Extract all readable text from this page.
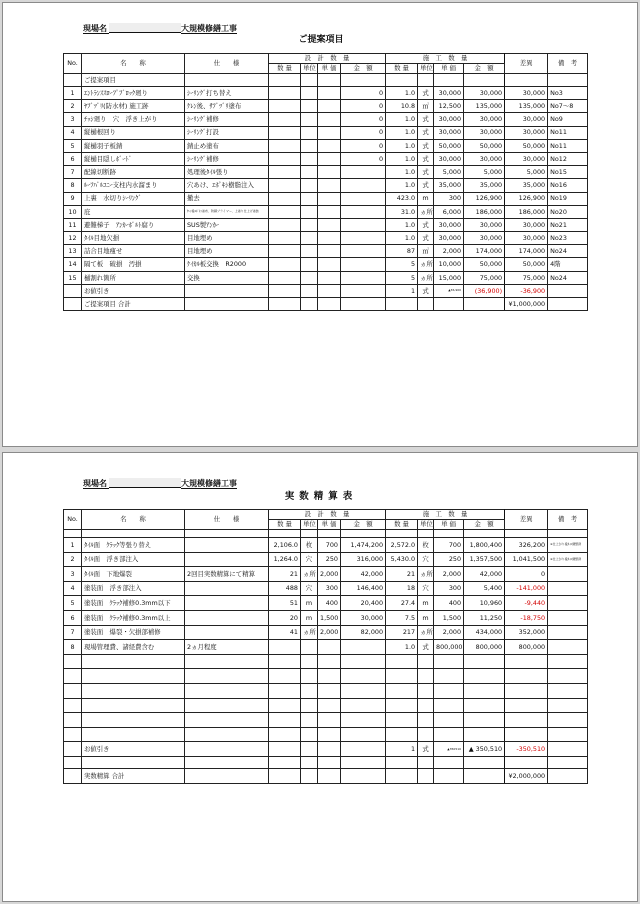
現場名	大規模修繕工事
ご提案項目
No.	名　　称	仕　　様	設　計　数　量				施　工　数　量				差異	備　考
			数 量	単位	単 価	金　額	数 量	単位	単 価	金　額		
	ご提案項目											
1	ｴﾝﾄﾗﾝｽｽﾛｰﾌﾟﾌﾞﾛｯｸ廻り	ｼｰﾘﾝｸﾞ打ち替え				0	1.0	式	30,000	30,000	30,000	No3
2	ﾔﾌﾞﾂﾞﾘ(防水材) 施工跡	ｹﾚﾝ後、ｻﾌﾞﾂﾞﾘ塗布				0	10.8	㎡	12,500	135,000	135,000	No7～8
3	ﾁｯｼ廻り　穴　浮き上がり	ｼｰﾘﾝｸﾞ補修				0	1.0	式	30,000	30,000	30,000	No9
4	縦樋根回り	ｼｰﾘﾝｸﾞ打設				0	1.0	式	30,000	30,000	30,000	No11
5	縦樋羽子板錆	錆止め塗布				0	1.0	式	50,000	50,000	50,000	No11
6	縦樋目隠しﾎﾞｰﾄﾞ	ｼｰﾘﾝｸﾞ補修				0	1.0	式	30,000	30,000	30,000	No12
7	配線切断跡	処理後ﾀｲﾙ張り					1.0	式	5,000	5,000	5,000	No15
8	ﾙｰﾌﾊﾞﾙｺﾆｰ支柱内水溜まり	穴あけ、ｴﾎﾟｷｼ樹脂注入					1.0	式	35,000	35,000	35,000	No16
9	上裏　水切りｼｰﾘﾝｸﾞ	撤去					423.0	m	300	126,900	126,900	No19
10	庇	ｹﾚﾝ後ｴﾎﾟｷｼ塗布、防錆プライマー、上塗り仕上げ塗装					31.0	ヵ所	6,000	186,000	186,000	No20
11	避難梯子　ｱﾝｶｰﾎﾞﾙﾄ腐り	SUS製ｱﾝｶｰ					1.0	式	30,000	30,000	30,000	No21
12	ﾀｲﾙ目地欠損	目地埋め					1.0	式	30,000	30,000	30,000	No23
13	詰合目地痩せ	目地埋め					87	㎡	2,000	174,000	174,000	No24
14	隔て板　破損　汚損	ｹｲｶﾙ板交換　R2000					5	ヵ所	10,000	50,000	50,000	4階
15	樋割れ箇所	交換					5	ヵ所	15,000	75,000	75,000	No24
	お値引き						1	式	▲36,900	(36,900)	-36,900	
	ご提案項目 合計										¥1,000,000	
現場名	大規模修繕工事
実数精算表
No.	名　　称	仕　　様	設　計　数　量				施　工　数　量				差異	備　考
			数 量	単位	単 価	金　額	数 量	単位	単 価	金　額		

1	ﾀｲﾙ面　ｸﾗｯｸ等張り替え		2,106.0	枚	700	1,474,200	2,572.0	枚	700	1,800,400	326,200	※仕上がり後ﾀｲﾙ調整済
2	ﾀｲﾙ面　浮き部注入		1,264.0	穴	250	316,000	5,430.0	穴	250	1,357,500	1,041,500	※仕上がり後ﾀｲﾙ調整済
3	ﾀｲﾙ面　下地爆裂	2回目実数精算にて精算	21	ヵ所	2,000	42,000	21	ヵ所	2,000	42,000	0	
4	塗装面　浮き部注入		488	穴	300	146,400	18	穴	300	5,400	-141,000	
5	塗装面　ｸﾗｯｸ補修0.3mm以下		51	m	400	20,400	27.4	m	400	10,960	-9,440	
6	塗装面　ｸﾗｯｸ補修0.3mm以上		20	m	1,500	30,000	7.5	m	1,500	11,250	-18,750	
7	塗装面　爆裂・欠損部補修		41	ヵ所	2,000	82,000	217	ヵ所	2,000	434,000	352,000	
8	現場管理費、諸経費含む	2ヵ月程度					1.0	式	800,000	800,000	800,000	

	お値引き						1	式	▲350510	▲ 350,510	-350,510	

	実数精算 合計										¥2,000,000	
